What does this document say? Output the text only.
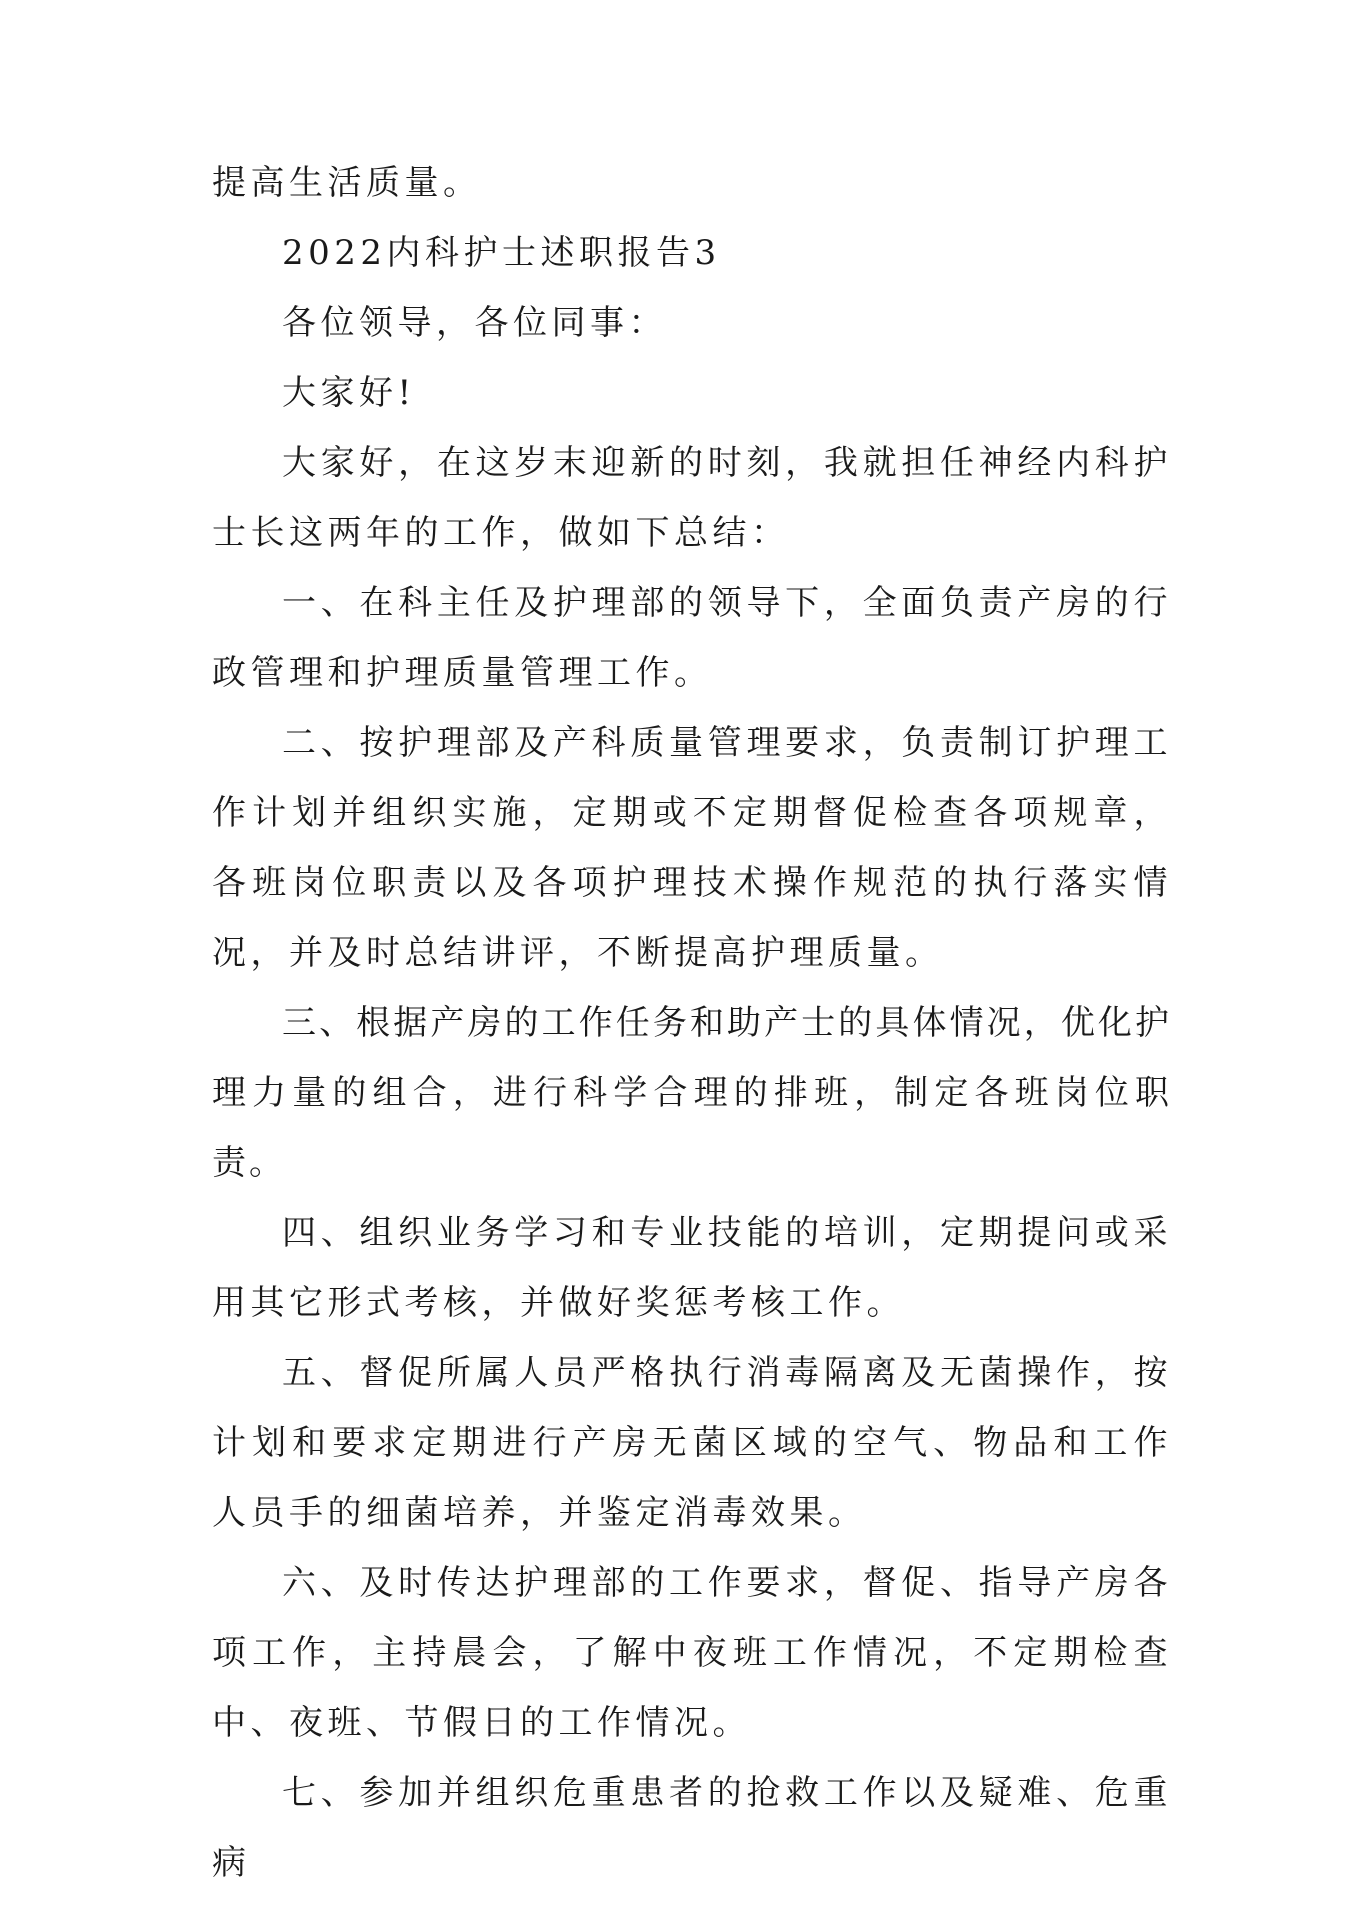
提高生活质量。

2022内科护士述职报告3

各位领导，各位同事：

大家好!

大家好，在这岁末迎新的时刻，我就担任神经内科护士长这两年的工作，做如下总结：

一、在科主任及护理部的领导下，全面负责产房的行政管理和护理质量管理工作。

二、按护理部及产科质量管理要求，负责制订护理工作计划并组织实施，定期或不定期督促检查各项规章，各班岗位职责以及各项护理技术操作规范的执行落实情况，并及时总结讲评，不断提高护理质量。

三、根据产房的工作任务和助产士的具体情况，优化护理力量的组合，进行科学合理的排班，制定各班岗位职责。

四、组织业务学习和专业技能的培训，定期提问或采用其它形式考核，并做好奖惩考核工作。

五、督促所属人员严格执行消毒隔离及无菌操作，按计划和要求定期进行产房无菌区域的空气、物品和工作人员手的细菌培养，并鉴定消毒效果。

六、及时传达护理部的工作要求，督促、指导产房各项工作，主持晨会，了解中夜班工作情况，不定期检查中、夜班、节假日的工作情况。

七、参加并组织危重患者的抢救工作以及疑难、危重病
